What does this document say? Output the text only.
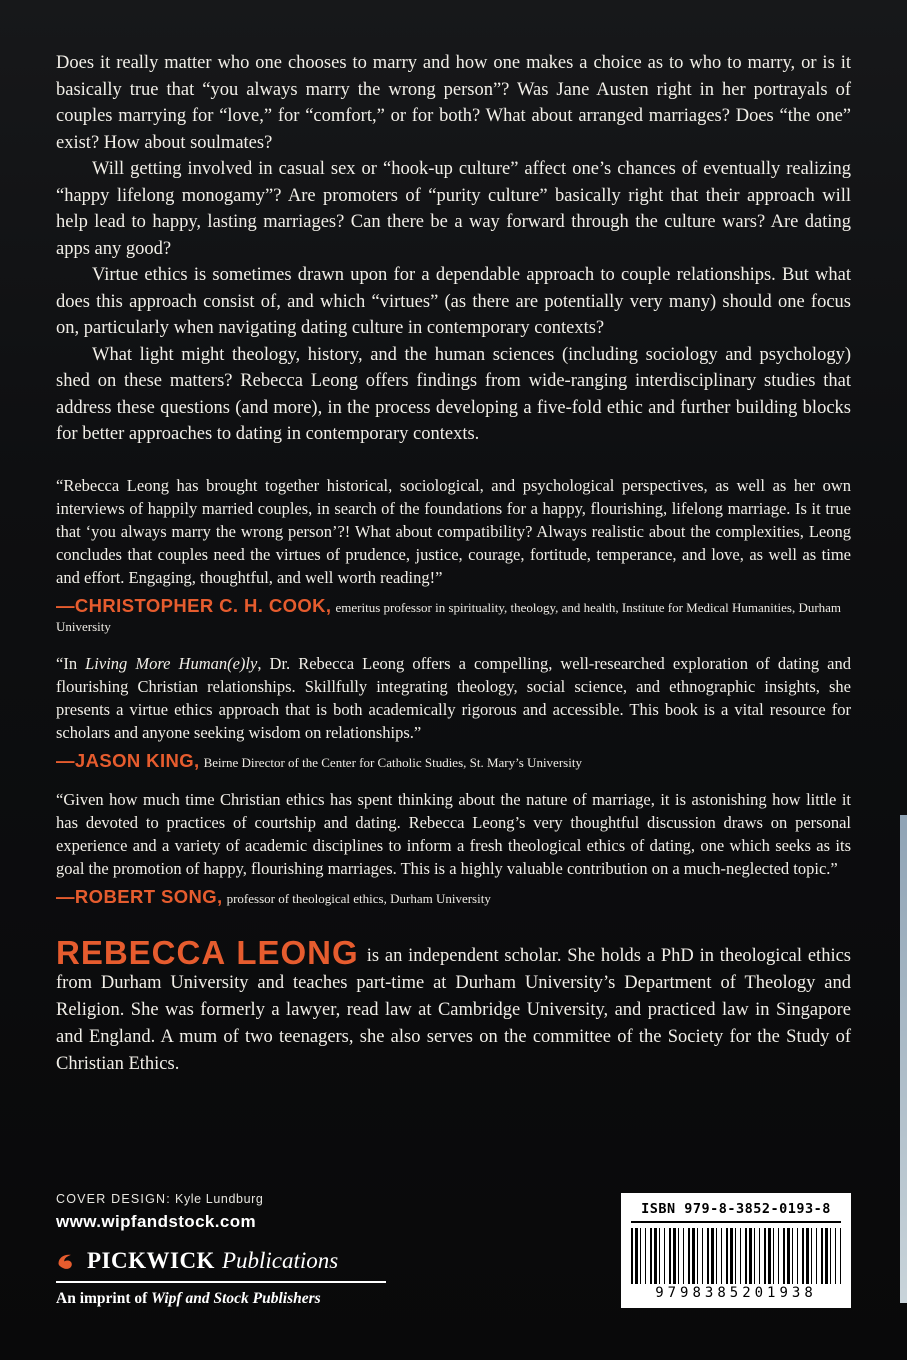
Does it really matter who one chooses to marry and how one makes a choice as to who to marry, or is it basically true that “you always marry the wrong person”? Was Jane Austen right in her portrayals of couples marrying for “love,” for “comfort,” or for both? What about arranged marriages? Does “the one” exist? How about soulmates?

Will getting involved in casual sex or “hook-up culture” affect one’s chances of eventually realizing “happy lifelong monogamy”? Are promoters of “purity culture” basically right that their approach will help lead to happy, lasting marriages? Can there be a way forward through the culture wars? Are dating apps any good?

Virtue ethics is sometimes drawn upon for a dependable approach to couple relationships. But what does this approach consist of, and which “virtues” (as there are potentially very many) should one focus on, particularly when navigating dating culture in contemporary contexts?

What light might theology, history, and the human sciences (including sociology and psychology) shed on these matters? Rebecca Leong offers findings from wide-ranging interdisciplinary studies that address these questions (and more), in the process developing a five-fold ethic and further building blocks for better approaches to dating in contemporary contexts.

“Rebecca Leong has brought together historical, sociological, and psychological perspectives, as well as her own interviews of happily married couples, in search of the foundations for a happy, flourishing, lifelong marriage. Is it true that ‘you always marry the wrong person’?! What about compatibility? Always realistic about the complexities, Leong concludes that couples need the virtues of prudence, justice, courage, fortitude, temperance, and love, as well as time and effort. Engaging, thoughtful, and well worth reading!”

—CHRISTOPHER C. H. COOK, emeritus professor in spirituality, theology, and health, Institute for Medical Humanities, Durham University

“In Living More Human(e)ly, Dr. Rebecca Leong offers a compelling, well-researched exploration of dating and flourishing Christian relationships. Skillfully integrating theology, social science, and ethnographic insights, she presents a virtue ethics approach that is both academically rigorous and accessible. This book is a vital resource for scholars and anyone seeking wisdom on relationships.”

—JASON KING, Beirne Director of the Center for Catholic Studies, St. Mary’s University

“Given how much time Christian ethics has spent thinking about the nature of marriage, it is astonishing how little it has devoted to practices of courtship and dating. Rebecca Leong’s very thoughtful discussion draws on personal experience and a variety of academic disciplines to inform a fresh theological ethics of dating, one which seeks as its goal the promotion of happy, flourishing marriages. This is a highly valuable contribution on a much-neglected topic.”

—ROBERT SONG, professor of theological ethics, Durham University

REBECCA LEONG is an independent scholar. She holds a PhD in theological ethics from Durham University and teaches part-time at Durham University’s Department of Theology and Religion. She was formerly a lawyer, read law at Cambridge University, and practiced law in Singapore and England. A mum of two teenagers, she also serves on the committee of the Society for the Study of Christian Ethics.

COVER DESIGN: Kyle Lundburg

www.wipfandstock.com

PICKWICK Publications

An imprint of Wipf and Stock Publishers

ISBN 979-8-3852-0193-8
9798385201938
